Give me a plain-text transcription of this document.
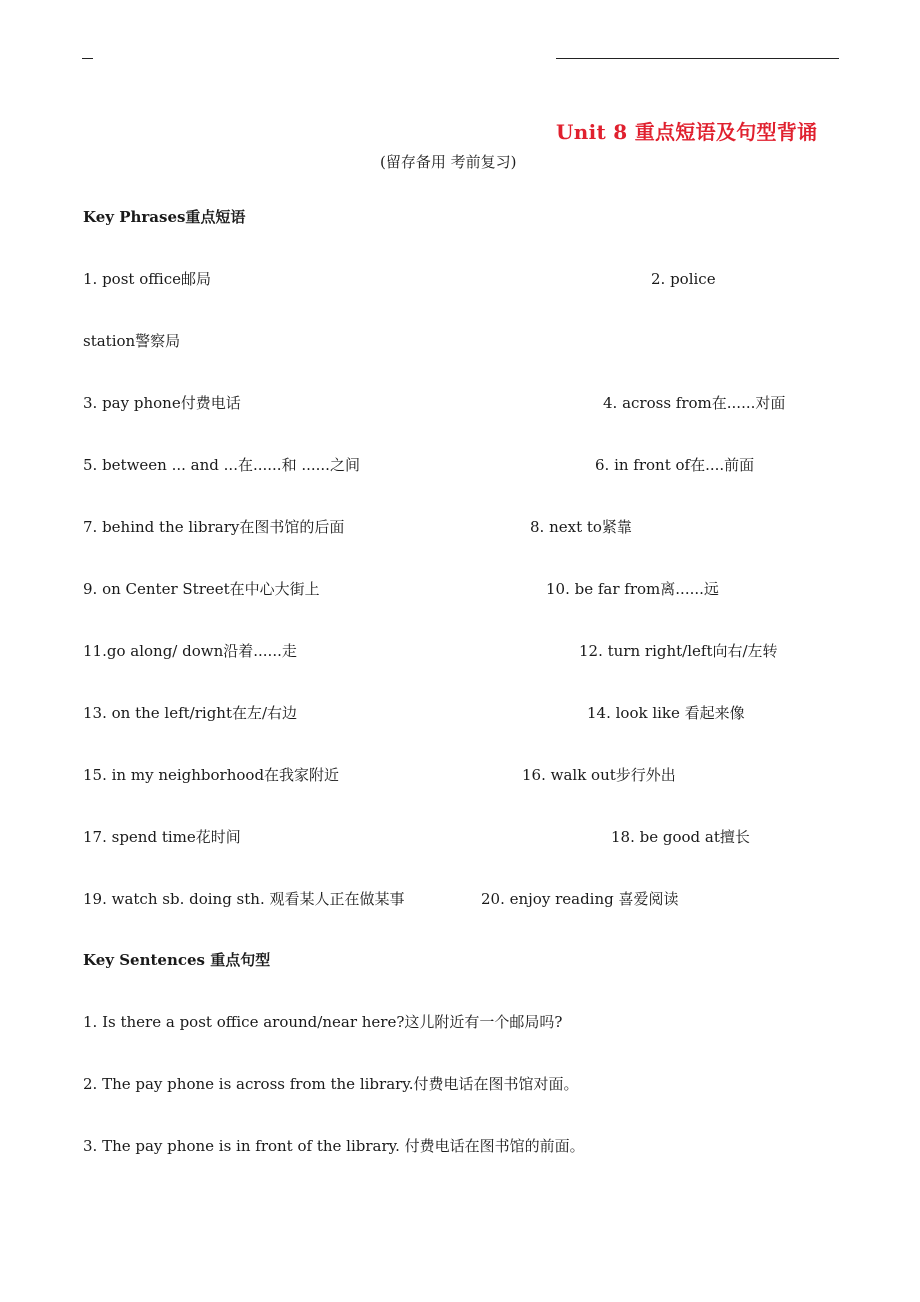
Unit 8 重点短语及句型背诵
(留存备用 考前复习)
Key Phrases重点短语
1. post office邮局	2. police
station警察局
3. pay phone付费电话	4. across from在......对面
5. between ... and ...在......和 ......之间	6. in front of在....前面
7. behind the library在图书馆的后面	8. next to紧靠
9. on Center Street在中心大街上	10. be far from离......远
11.go along/ down沿着......走	12. turn right/left向右/左转
13. on the left/right在左/右边	14. look like 看起来像
15. in my neighborhood在我家附近	16. walk out步行外出
17. spend time花时间	18. be good at擅长
19. watch sb. doing sth. 观看某人正在做某事	20. enjoy reading 喜爱阅读
Key Sentences 重点句型
1. Is there a post office around/near here?这儿附近有一个邮局吗?
2. The pay phone is across from the library.付费电话在图书馆对面。
3. The pay phone is in front of the library. 付费电话在图书馆的前面。
